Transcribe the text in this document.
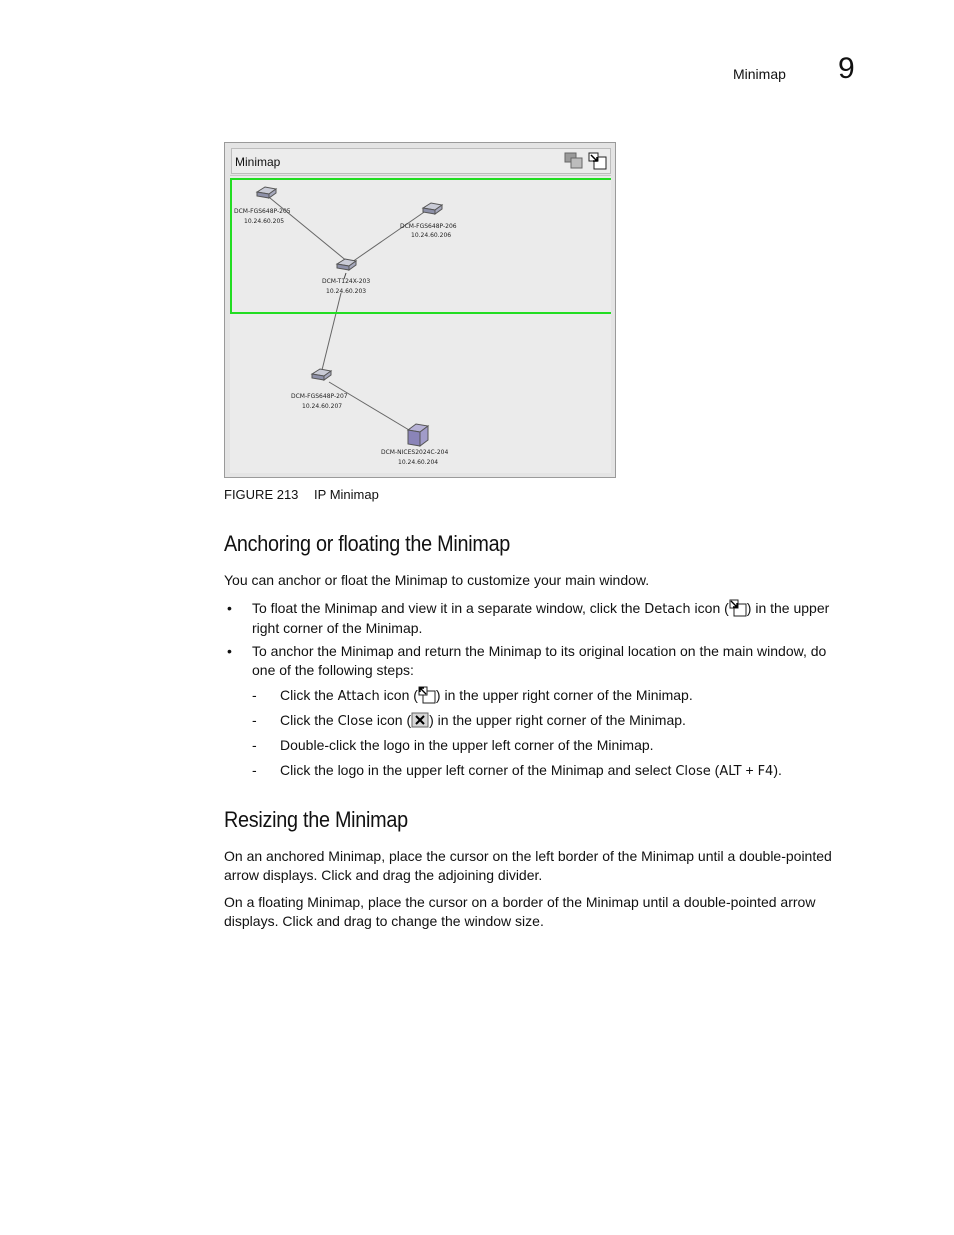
Minimap 9
Minimap
DCM-FGS648P-205
10.24.60.205
DCM-FGS648P-206
10.24.60.206
DCM-T124X-203
10.24.60.203
DCM-FGS648P-207
10.24.60.207
DCM-NICES2024C-204
10.24.60.204
FIGURE 213 IP Minimap
Anchoring or floating the Minimap

You can anchor or float the Minimap to customize your main window.

• To float the Minimap and view it in a separate window, click the Detach icon ( ) in the upper
right corner of the Minimap.

• To anchor the Minimap and return the Minimap to its original location on the main window, do
one of the following steps:

- Click the Attach icon ( ) in the upper right corner of the Minimap.

- Click the Close icon ( ) in the upper right corner of the Minimap.

- Double-click the logo in the upper left corner of the Minimap.

- Click the logo in the upper left corner of the Minimap and select Close (ALT + F4).

Resizing the Minimap

On an anchored Minimap, place the cursor on the left border of the Minimap until a double-pointed
arrow displays. Click and drag the adjoining divider.

On a floating Minimap, place the cursor on a border of the Minimap until a double-pointed arrow
displays. Click and drag to change the window size.
